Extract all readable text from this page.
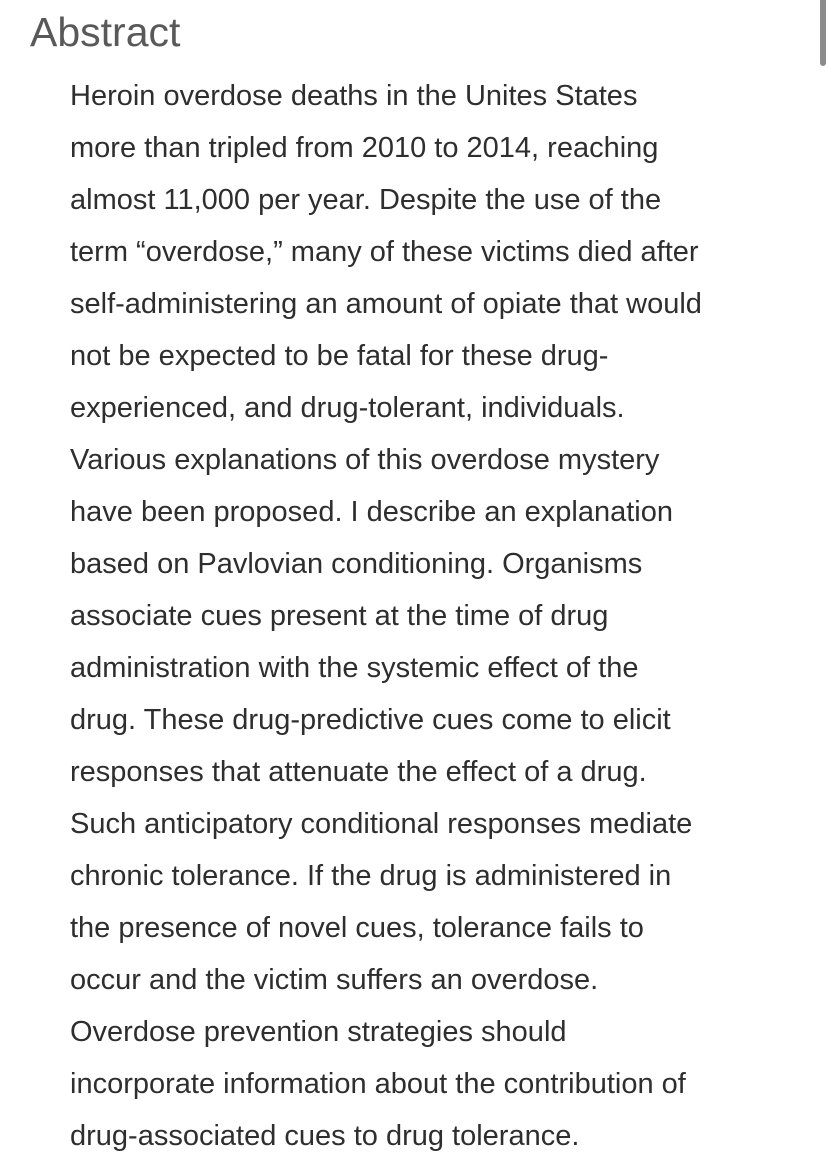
Abstract

Heroin overdose deaths in the Unites States
more than tripled from 2010 to 2014, reaching
almost 11,000 per year. Despite the use of the
term “overdose,” many of these victims died after
self-administering an amount of opiate that would
not be expected to be fatal for these drug-
experienced, and drug-tolerant, individuals.
Various explanations of this overdose mystery
have been proposed. I describe an explanation
based on Pavlovian conditioning. Organisms
associate cues present at the time of drug
administration with the systemic effect of the
drug. These drug-predictive cues come to elicit
responses that attenuate the effect of a drug.
Such anticipatory conditional responses mediate
chronic tolerance. If the drug is administered in
the presence of novel cues, tolerance fails to
occur and the victim suffers an overdose.
Overdose prevention strategies should
incorporate information about the contribution of
drug-associated cues to drug tolerance.
